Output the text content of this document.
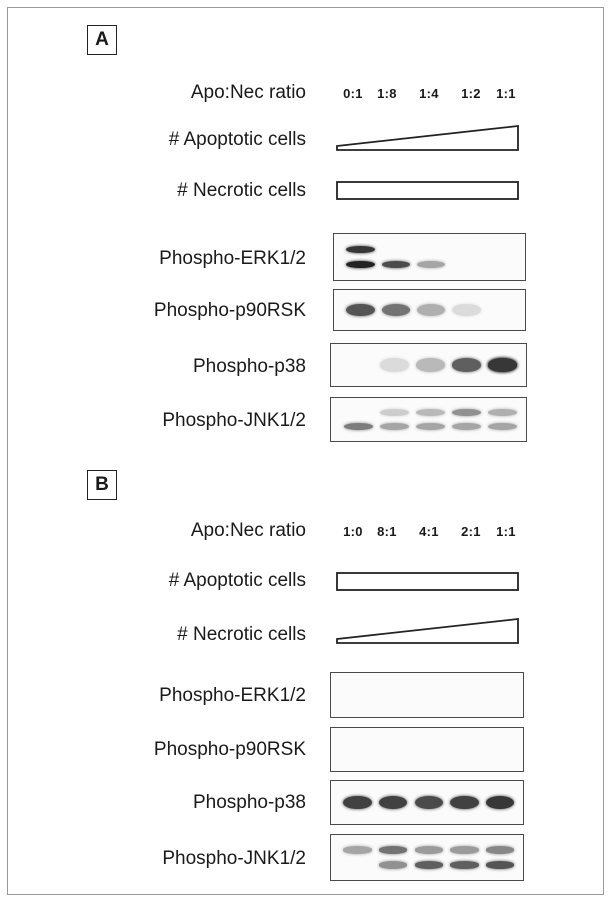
A
Apo:Nec ratio	0:1	1:8	1:4	1:2	1:1
# Apoptotic cells
# Necrotic cells
Phospho-ERK1/2
Phospho-p90RSK
Phospho-p38
Phospho-JNK1/2
B
Apo:Nec ratio	1:0	8:1	4:1	2:1	1:1
# Apoptotic cells
# Necrotic cells
Phospho-ERK1/2
Phospho-p90RSK
Phospho-p38
Phospho-JNK1/2
